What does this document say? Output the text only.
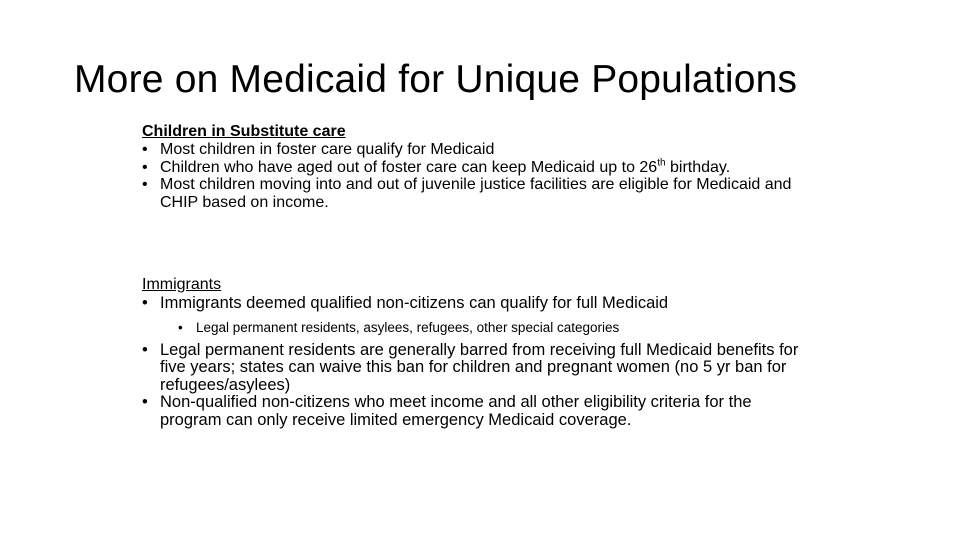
More on Medicaid for Unique Populations
Children in Substitute care
• Most children in foster care qualify for Medicaid
• Children who have aged out of foster care can keep Medicaid up to 26th birthday.
• Most children moving into and out of juvenile justice facilities are eligible for Medicaid and CHIP based on income.
Immigrants
• Immigrants deemed qualified non-citizens can qualify for full Medicaid
• Legal permanent residents, asylees, refugees, other special categories
• Legal permanent residents are generally barred from receiving full Medicaid benefits for five years; states can waive this ban for children and pregnant women (no 5 yr ban for refugees/asylees)
• Non-qualified non-citizens who meet income and all other eligibility criteria for the program can only receive limited emergency Medicaid coverage.
